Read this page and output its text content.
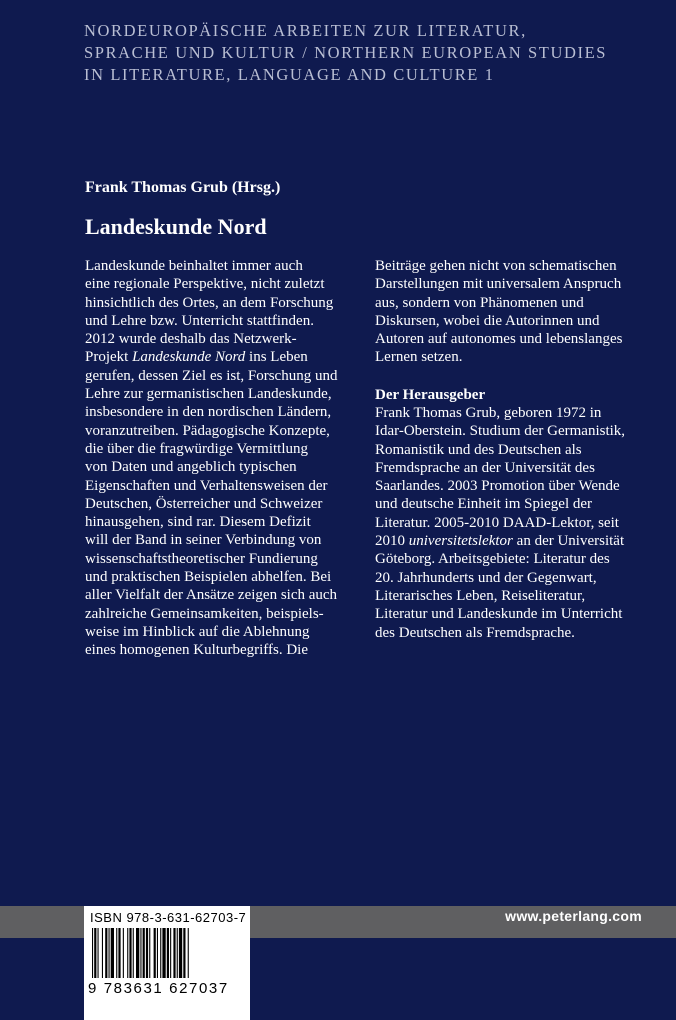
NORDEUROPÄISCHE ARBEITEN ZUR LITERATUR,
SPRACHE UND KULTUR / NORTHERN EUROPEAN STUDIES
IN LITERATURE, LANGUAGE AND CULTURE 1
Frank Thomas Grub (Hrsg.)
Landeskunde Nord

Landeskunde beinhaltet immer auch

eine regionale Perspektive, nicht zuletzt

hinsichtlich des Ortes, an dem Forschung

und Lehre bzw. Unterricht stattfinden.

2012 wurde deshalb das Netzwerk-

Projekt Landeskunde Nord ins Leben

gerufen, dessen Ziel es ist, Forschung und

Lehre zur germanistischen Landeskunde,

insbesondere in den nordischen Ländern,

voranzutreiben. Pädagogische Konzepte,

die über die fragwürdige Vermittlung

von Daten und angeblich typischen

Eigenschaften und Verhaltensweisen der

Deutschen, Österreicher und Schweizer

hinausgehen, sind rar. Diesem Defizit

will der Band in seiner Verbindung von

wissenschaftstheoretischer Fundierung

und praktischen Beispielen abhelfen. Bei

aller Vielfalt der Ansätze zeigen sich auch

zahlreiche Gemeinsamkeiten, beispiels-

weise im Hinblick auf die Ablehnung

eines homogenen Kulturbegriffs. Die

Beiträge gehen nicht von schematischen

Darstellungen mit universalem Anspruch

aus, sondern von Phänomenen und

Diskursen, wobei die Autorinnen und

Autoren auf autonomes und lebenslanges

Lernen setzen.

Der Herausgeber

Frank Thomas Grub, geboren 1972 in

Idar-Oberstein. Studium der Germanistik,

Romanistik und des Deutschen als

Fremdsprache an der Universität des

Saarlandes. 2003 Promotion über Wende

und deutsche Einheit im Spiegel der

Literatur. 2005-2010 DAAD-Lektor, seit

2010 universitetslektor an der Universität

Göteborg. Arbeitsgebiete: Literatur des

20. Jahrhunderts und der Gegenwart,

Literarisches Leben, Reiseliteratur,

Literatur und Landeskunde im Unterricht

des Deutschen als Fremdsprache.

www.peterlang.com
ISBN 978-3-631-62703-7
9 783631 627037
